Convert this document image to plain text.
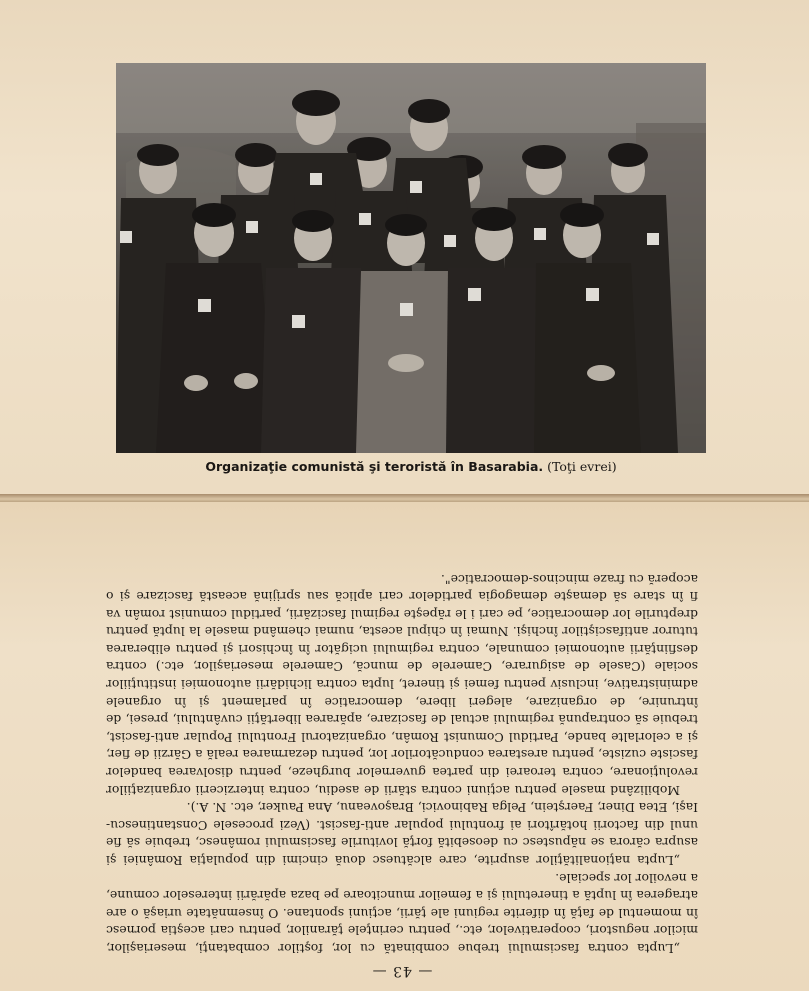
Organizaţie comunistă şi teroristă în Basarabia. (Toţi evrei)
— 43 —

„Lupta contra fascismului trebue combinată cu lor, foştilor combatanţi, meseriaşilor, micilor negustori, cooperativelor, etc., pentru cerinţele ţăranilor, pentru cari aceştia pornesc în momentul de faţă în diferite regiuni ale ţării, acţiuni spontane. O însemnătate uriaşă o are atragerea în luptă a tineretului şi a femeilor muncitoare pe baza apărării intereselor comune, a nevoilor lor speciale.

„Lupta naţionalităţilor asuprite, care alcătuesc două cincimi din populaţia României şi asupra cărora se năpustesc cu deosebită forţă loviturile fascismului românesc, trebuie să fie unul din factorii hotărîtori ai frontului popular anti-fascist. (Vezi procesele Constantinescu-Iaşi, Etea Diner, Faerştein, Pelga Rabinovici, Braşoveanu, Ana Pauker, etc. N. A.).

Mobilizând masele pentru acţiuni contra stării de asediu, contra interzicerii organizaţiilor revoluţionare, contra teroarei din partea guvernelor burgheze, pentru disolvarea bandelor fasciste cuziste, pentru arestarea conducătorilor lor, pentru dezarmarea reală a Gărzii de fier, şi a celorlalte bande, Partidul Comunist Român, organizatorul Frontului Popular anti-fascist, trebuie să contrapună regimului actual de fascizare, apărarea libertăţii cuvântului, presei, de întrunire, de organizare, alegeri libere, democratice în parlament şi în organele administrative, inclusiv pentru femei şi tineret, lupta contra lichidării autonomiei instituţiilor sociale (Casele de asigurare, Camerele de muncă, Camerele meseriaşilor, etc.) contra desfiinţării autonomiei comunale, contra regimului ucigător în închisori şi pentru eliberarea tuturor antifasciştilor închişi. Numai în chipul acesta, numai chemând masele la luptă pentru drepturile lor democratice, pe cari i le răpeşte regimul fascizării, partidul comunist român va fi în stare să demaşte demagogia partidelor cari aplică sau sprijină această fascizare şi o acoperă cu fraze mincinos-democratice".
